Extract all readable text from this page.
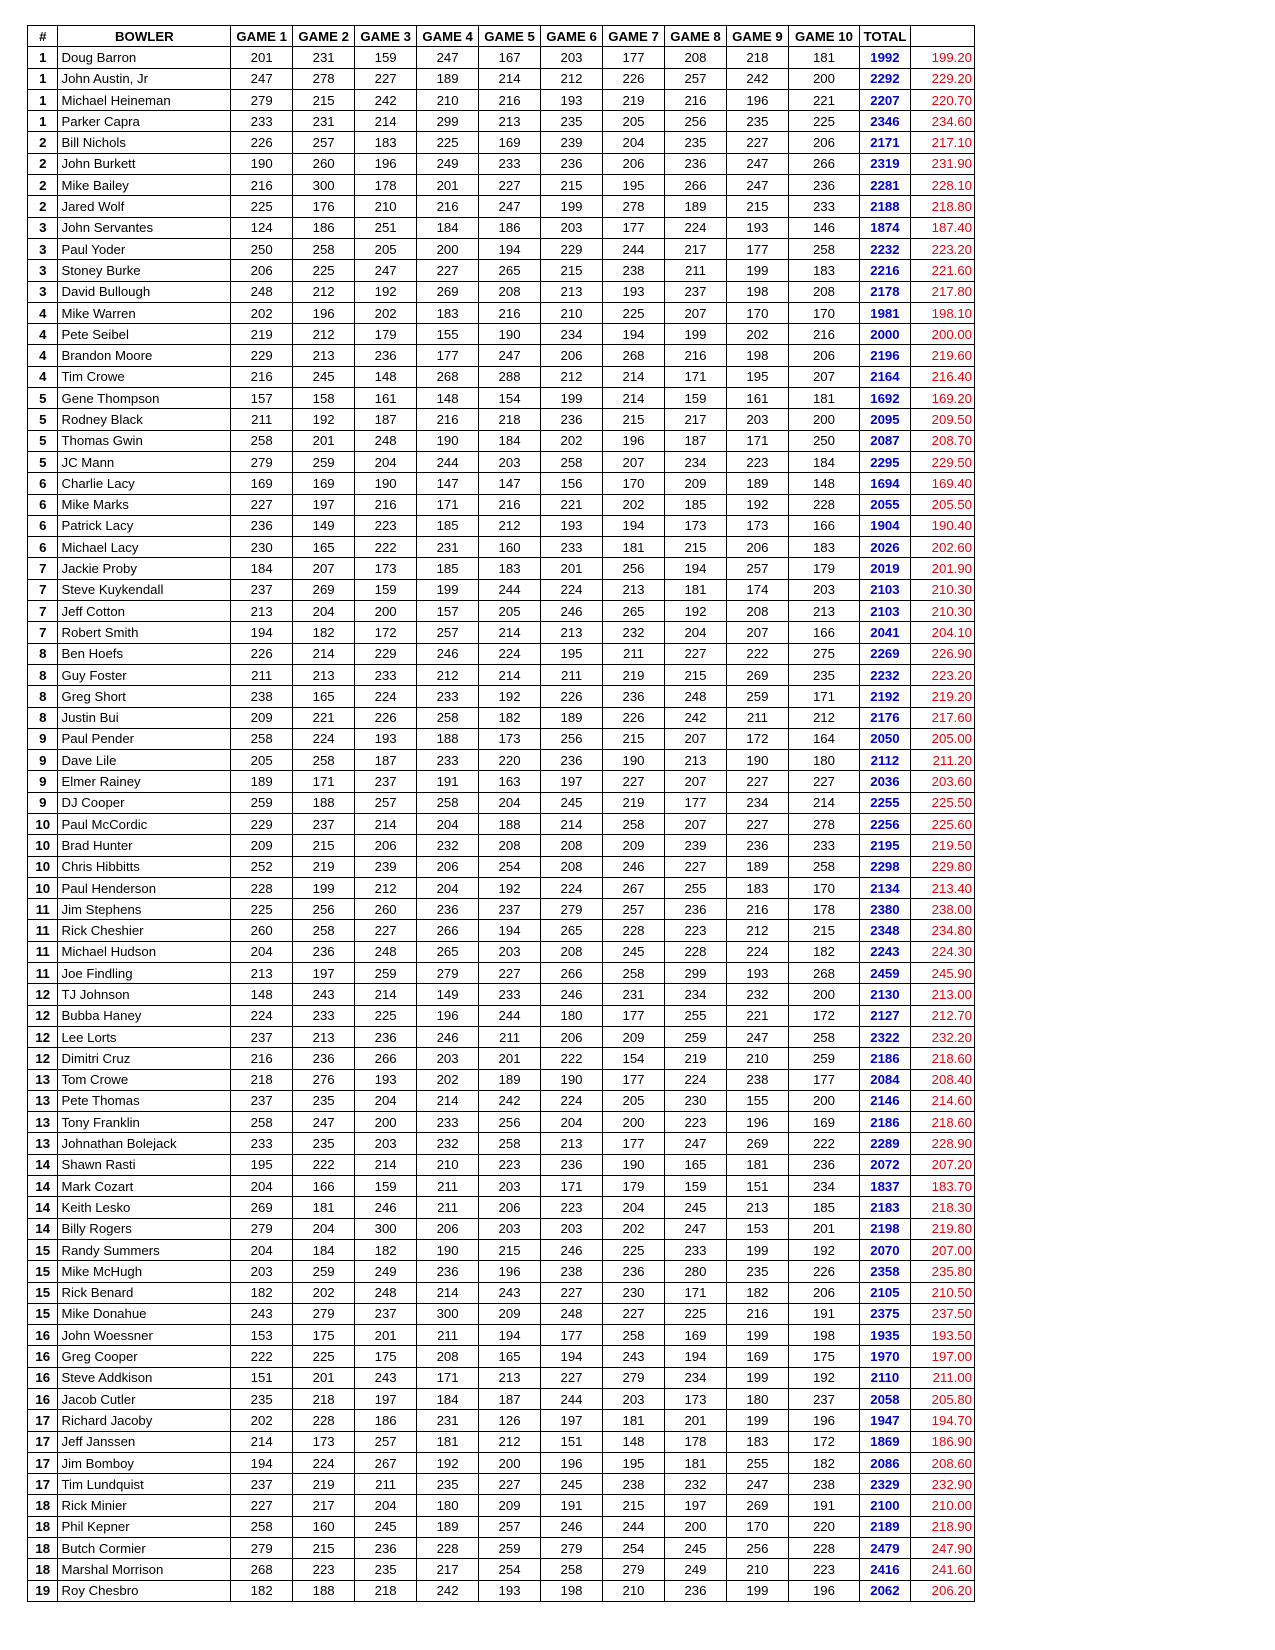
#	BOWLER	GAME 1	GAME 2	GAME 3	GAME 4	GAME 5	GAME 6	GAME 7	GAME 8	GAME 9	GAME 10	TOTAL	
1	Doug Barron	201	231	159	247	167	203	177	208	218	181	1992	199.20
1	John Austin, Jr	247	278	227	189	214	212	226	257	242	200	2292	229.20
1	Michael Heineman	279	215	242	210	216	193	219	216	196	221	2207	220.70
1	Parker Capra	233	231	214	299	213	235	205	256	235	225	2346	234.60
2	Bill Nichols	226	257	183	225	169	239	204	235	227	206	2171	217.10
2	John Burkett	190	260	196	249	233	236	206	236	247	266	2319	231.90
2	Mike Bailey	216	300	178	201	227	215	195	266	247	236	2281	228.10
2	Jared Wolf	225	176	210	216	247	199	278	189	215	233	2188	218.80
3	John Servantes	124	186	251	184	186	203	177	224	193	146	1874	187.40
3	Paul Yoder	250	258	205	200	194	229	244	217	177	258	2232	223.20
3	Stoney Burke	206	225	247	227	265	215	238	211	199	183	2216	221.60
3	David Bullough	248	212	192	269	208	213	193	237	198	208	2178	217.80
4	Mike Warren	202	196	202	183	216	210	225	207	170	170	1981	198.10
4	Pete Seibel	219	212	179	155	190	234	194	199	202	216	2000	200.00
4	Brandon Moore	229	213	236	177	247	206	268	216	198	206	2196	219.60
4	Tim Crowe	216	245	148	268	288	212	214	171	195	207	2164	216.40
5	Gene Thompson	157	158	161	148	154	199	214	159	161	181	1692	169.20
5	Rodney Black	211	192	187	216	218	236	215	217	203	200	2095	209.50
5	Thomas Gwin	258	201	248	190	184	202	196	187	171	250	2087	208.70
5	JC Mann	279	259	204	244	203	258	207	234	223	184	2295	229.50
6	Charlie Lacy	169	169	190	147	147	156	170	209	189	148	1694	169.40
6	Mike Marks	227	197	216	171	216	221	202	185	192	228	2055	205.50
6	Patrick Lacy	236	149	223	185	212	193	194	173	173	166	1904	190.40
6	Michael Lacy	230	165	222	231	160	233	181	215	206	183	2026	202.60
7	Jackie Proby	184	207	173	185	183	201	256	194	257	179	2019	201.90
7	Steve Kuykendall	237	269	159	199	244	224	213	181	174	203	2103	210.30
7	Jeff Cotton	213	204	200	157	205	246	265	192	208	213	2103	210.30
7	Robert Smith	194	182	172	257	214	213	232	204	207	166	2041	204.10
8	Ben Hoefs	226	214	229	246	224	195	211	227	222	275	2269	226.90
8	Guy Foster	211	213	233	212	214	211	219	215	269	235	2232	223.20
8	Greg Short	238	165	224	233	192	226	236	248	259	171	2192	219.20
8	Justin Bui	209	221	226	258	182	189	226	242	211	212	2176	217.60
9	Paul Pender	258	224	193	188	173	256	215	207	172	164	2050	205.00
9	Dave Lile	205	258	187	233	220	236	190	213	190	180	2112	211.20
9	Elmer Rainey	189	171	237	191	163	197	227	207	227	227	2036	203.60
9	DJ Cooper	259	188	257	258	204	245	219	177	234	214	2255	225.50
10	Paul McCordic	229	237	214	204	188	214	258	207	227	278	2256	225.60
10	Brad Hunter	209	215	206	232	208	208	209	239	236	233	2195	219.50
10	Chris Hibbitts	252	219	239	206	254	208	246	227	189	258	2298	229.80
10	Paul Henderson	228	199	212	204	192	224	267	255	183	170	2134	213.40
11	Jim Stephens	225	256	260	236	237	279	257	236	216	178	2380	238.00
11	Rick Cheshier	260	258	227	266	194	265	228	223	212	215	2348	234.80
11	Michael Hudson	204	236	248	265	203	208	245	228	224	182	2243	224.30
11	Joe Findling	213	197	259	279	227	266	258	299	193	268	2459	245.90
12	TJ Johnson	148	243	214	149	233	246	231	234	232	200	2130	213.00
12	Bubba Haney	224	233	225	196	244	180	177	255	221	172	2127	212.70
12	Lee Lorts	237	213	236	246	211	206	209	259	247	258	2322	232.20
12	Dimitri Cruz	216	236	266	203	201	222	154	219	210	259	2186	218.60
13	Tom Crowe	218	276	193	202	189	190	177	224	238	177	2084	208.40
13	Pete Thomas	237	235	204	214	242	224	205	230	155	200	2146	214.60
13	Tony Franklin	258	247	200	233	256	204	200	223	196	169	2186	218.60
13	Johnathan Bolejack	233	235	203	232	258	213	177	247	269	222	2289	228.90
14	Shawn Rasti	195	222	214	210	223	236	190	165	181	236	2072	207.20
14	Mark Cozart	204	166	159	211	203	171	179	159	151	234	1837	183.70
14	Keith Lesko	269	181	246	211	206	223	204	245	213	185	2183	218.30
14	Billy Rogers	279	204	300	206	203	203	202	247	153	201	2198	219.80
15	Randy Summers	204	184	182	190	215	246	225	233	199	192	2070	207.00
15	Mike McHugh	203	259	249	236	196	238	236	280	235	226	2358	235.80
15	Rick Benard	182	202	248	214	243	227	230	171	182	206	2105	210.50
15	Mike Donahue	243	279	237	300	209	248	227	225	216	191	2375	237.50
16	John Woessner	153	175	201	211	194	177	258	169	199	198	1935	193.50
16	Greg Cooper	222	225	175	208	165	194	243	194	169	175	1970	197.00
16	Steve Addkison	151	201	243	171	213	227	279	234	199	192	2110	211.00
16	Jacob Cutler	235	218	197	184	187	244	203	173	180	237	2058	205.80
17	Richard Jacoby	202	228	186	231	126	197	181	201	199	196	1947	194.70
17	Jeff Janssen	214	173	257	181	212	151	148	178	183	172	1869	186.90
17	Jim Bomboy	194	224	267	192	200	196	195	181	255	182	2086	208.60
17	Tim Lundquist	237	219	211	235	227	245	238	232	247	238	2329	232.90
18	Rick Minier	227	217	204	180	209	191	215	197	269	191	2100	210.00
18	Phil Kepner	258	160	245	189	257	246	244	200	170	220	2189	218.90
18	Butch Cormier	279	215	236	228	259	279	254	245	256	228	2479	247.90
18	Marshal Morrison	268	223	235	217	254	258	279	249	210	223	2416	241.60
19	Roy Chesbro	182	188	218	242	193	198	210	236	199	196	2062	206.20
